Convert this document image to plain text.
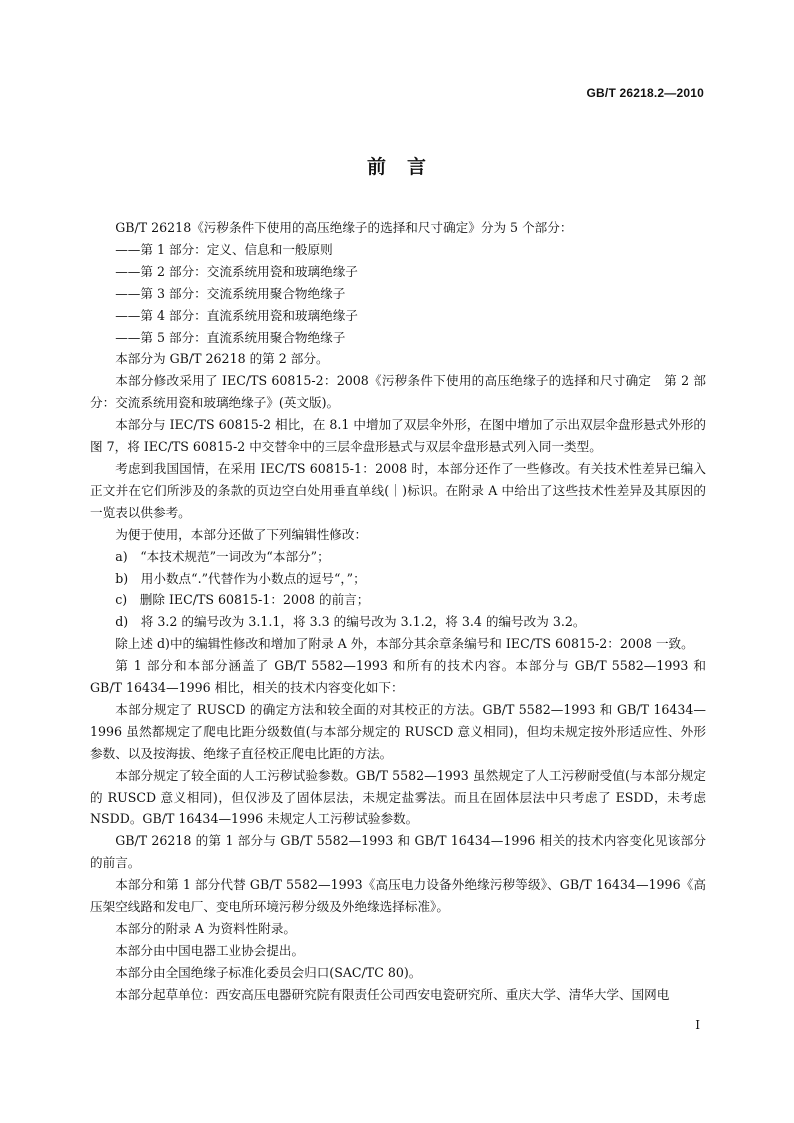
GB/T 26218.2—2010
前　言

GB/T 26218《污秽条件下使用的高压绝缘子的选择和尺寸确定》分为 5 个部分：

——第 1 部分：定义、信息和一般原则

——第 2 部分：交流系统用瓷和玻璃绝缘子

——第 3 部分：交流系统用聚合物绝缘子

——第 4 部分：直流系统用瓷和玻璃绝缘子

——第 5 部分：直流系统用聚合物绝缘子

本部分为 GB/T 26218 的第 2 部分。

本部分修改采用了 IEC/TS 60815-2：2008《污秽条件下使用的高压绝缘子的选择和尺寸确定　第 2 部分：交流系统用瓷和玻璃绝缘子》(英文版)。

本部分与 IEC/TS 60815-2 相比，在 8.1 中增加了双层伞外形，在图中增加了示出双层伞盘形悬式外形的图 7，将 IEC/TS 60815-2 中交替伞中的三层伞盘形悬式与双层伞盘形悬式列入同一类型。

考虑到我国国情，在采用 IEC/TS 60815-1：2008 时，本部分还作了一些修改。有关技术性差异已编入正文并在它们所涉及的条款的页边空白处用垂直单线(｜)标识。在附录 A 中给出了这些技术性差异及其原因的一览表以供参考。

为便于使用，本部分还做了下列编辑性修改：

a)　“本技术规范”一词改为“本部分”；

b)　用小数点“.”代替作为小数点的逗号“，”；

c)　删除 IEC/TS 60815-1：2008 的前言；

d)　将 3.2 的编号改为 3.1.1，将 3.3 的编号改为 3.1.2，将 3.4 的编号改为 3.2。

除上述 d)中的编辑性修改和增加了附录 A 外，本部分其余章条编号和 IEC/TS 60815-2：2008 一致。

第 1 部分和本部分涵盖了 GB/T 5582—1993 和所有的技术内容。本部分与 GB/T 5582—1993 和 GB/T 16434—1996 相比，相关的技术内容变化如下：

本部分规定了 RUSCD 的确定方法和较全面的对其校正的方法。GB/T 5582—1993 和 GB/T 16434—1996 虽然都规定了爬电比距分级数值(与本部分规定的 RUSCD 意义相同)，但均未规定按外形适应性、外形参数、以及按海拔、绝缘子直径校正爬电比距的方法。

本部分规定了较全面的人工污秽试验参数。GB/T 5582—1993 虽然规定了人工污秽耐受值(与本部分规定的 RUSCD 意义相同)，但仅涉及了固体层法，未规定盐雾法。而且在固体层法中只考虑了 ESDD，未考虑 NSDD。GB/T 16434—1996 未规定人工污秽试验参数。

GB/T 26218 的第 1 部分与 GB/T 5582—1993 和 GB/T 16434—1996 相关的技术内容变化见该部分的前言。

本部分和第 1 部分代替 GB/T 5582—1993《高压电力设备外绝缘污秽等级》、GB/T 16434—1996《高压架空线路和发电厂、变电所环境污秽分级及外绝缘选择标准》。

本部分的附录 A 为资料性附录。

本部分由中国电器工业协会提出。

本部分由全国绝缘子标准化委员会归口(SAC/TC 80)。

本部分起草单位：西安高压电器研究院有限责任公司西安电瓷研究所、重庆大学、清华大学、国网电

I
